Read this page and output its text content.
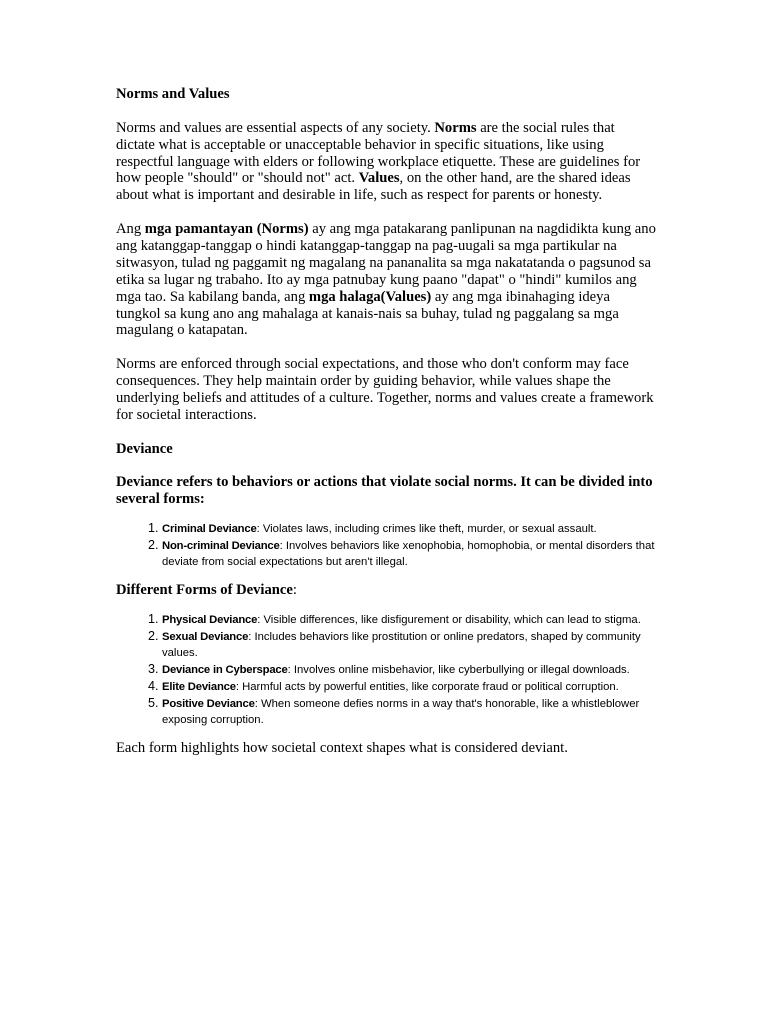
Norms and Values

Norms and values are essential aspects of any society. Norms are the social rules that dictate what is acceptable or unacceptable behavior in specific situations, like using respectful language with elders or following workplace etiquette. These are guidelines for how people "should" or "should not" act. Values, on the other hand, are the shared ideas about what is important and desirable in life, such as respect for parents or honesty.

Ang mga pamantayan (Norms) ay ang mga patakarang panlipunan na nagdidikta kung ano ang katanggap-tanggap o hindi katanggap-tanggap na pag-uugali sa mga partikular na sitwasyon, tulad ng paggamit ng magalang na pananalita sa mga nakatatanda o pagsunod sa etika sa lugar ng trabaho. Ito ay mga patnubay kung paano "dapat" o "hindi" kumilos ang mga tao. Sa kabilang banda, ang mga halaga(Values) ay ang mga ibinahaging ideya tungkol sa kung ano ang mahalaga at kanais-nais sa buhay, tulad ng paggalang sa mga magulang o katapatan.

Norms are enforced through social expectations, and those who don't conform may face consequences. They help maintain order by guiding behavior, while values shape the underlying beliefs and attitudes of a culture. Together, norms and values create a framework for societal interactions.

Deviance

Deviance refers to behaviors or actions that violate social norms. It can be divided into several forms:

1. Criminal Deviance: Violates laws, including crimes like theft, murder, or sexual assault.
2. Non-criminal Deviance: Involves behaviors like xenophobia, homophobia, or mental disorders that deviate from social expectations but aren't illegal.
Different Forms of Deviance:
1. Physical Deviance: Visible differences, like disfigurement or disability, which can lead to stigma.
2. Sexual Deviance: Includes behaviors like prostitution or online predators, shaped by community values.
3. Deviance in Cyberspace: Involves online misbehavior, like cyberbullying or illegal downloads.
4. Elite Deviance: Harmful acts by powerful entities, like corporate fraud or political corruption.
5. Positive Deviance: When someone defies norms in a way that's honorable, like a whistleblower exposing corruption.

Each form highlights how societal context shapes what is considered deviant.
